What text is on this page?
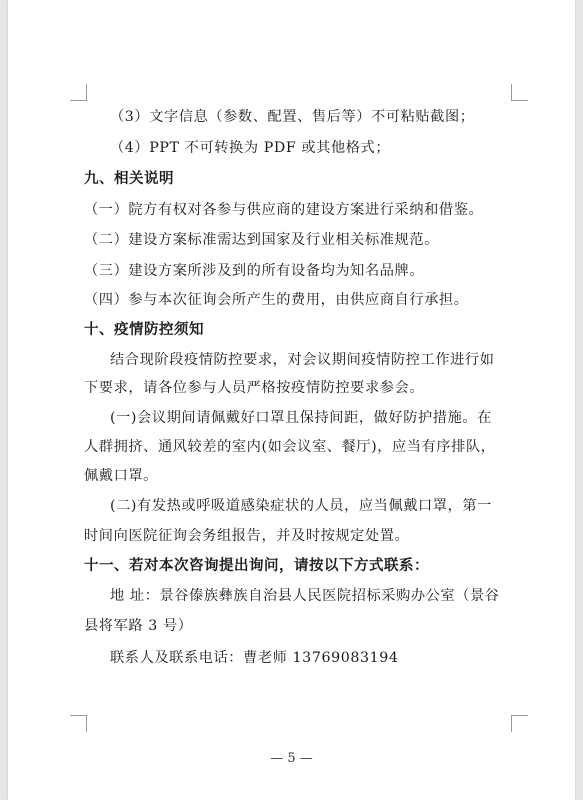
（3）文字信息（参数、配置、售后等）不可粘贴截图；

（4）PPT 不可转换为 PDF 或其他格式；

九、相关说明

（一）院方有权对各参与供应商的建设方案进行采纳和借鉴。

（二）建设方案标准需达到国家及行业相关标准规范。

（三）建设方案所涉及到的所有设备均为知名品牌。

（四）参与本次征询会所产生的费用，由供应商自行承担。

十、疫情防控须知

结合现阶段疫情防控要求，对会议期间疫情防控工作进行如

下要求，请各位参与人员严格按疫情防控要求参会。

(一)会议期间请佩戴好口罩且保持间距，做好防护措施。在

人群拥挤、通风较差的室内(如会议室、餐厅)，应当有序排队，

佩戴口罩。

(二)有发热或呼吸道感染症状的人员，应当佩戴口罩，第一

时间向医院征询会务组报告，并及时按规定处置。

十一、若对本次咨询提出询问，请按以下方式联系：

地 址：景谷傣族彝族自治县人民医院招标采购办公室（景谷

县将军路 3 号）

联系人及联系电话：曹老师 13769083194

— 5 —
